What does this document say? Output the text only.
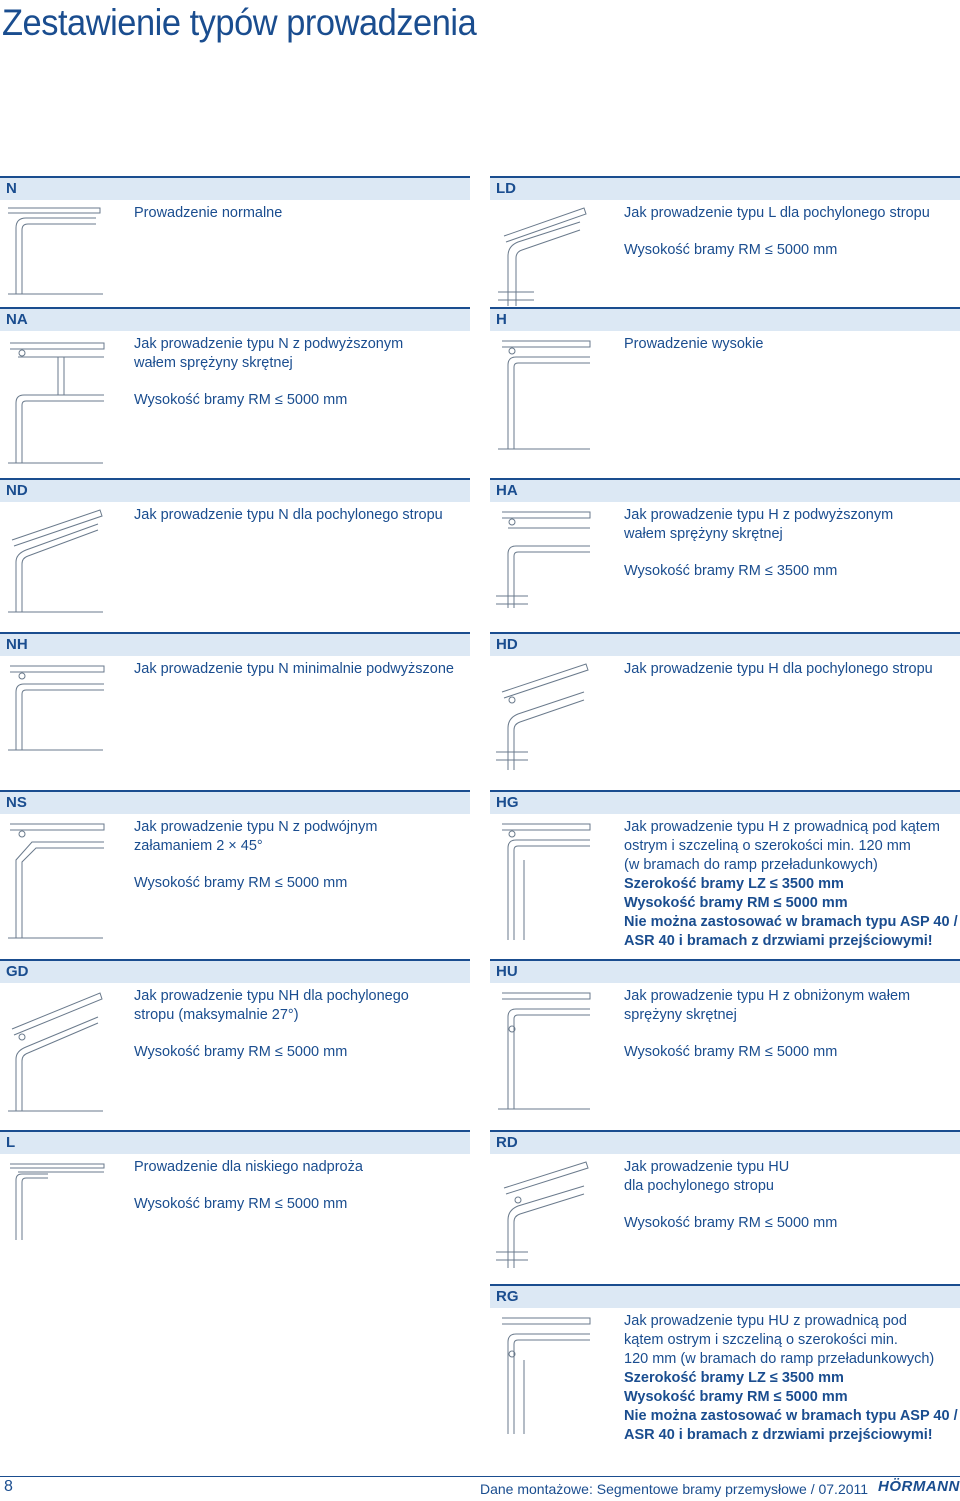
Zestawienie typów prowadzenia
N

Prowadzenie normalne

LD

Jak prowadzenie typu L dla pochylonego stropu

Wysokość bramy RM ≤ 5000 mm

NA

Jak prowadzenie typu N z podwyższonym

wałem sprężyny skrętnej

Wysokość bramy RM ≤ 5000 mm

H

Prowadzenie wysokie

ND

Jak prowadzenie typu N dla pochylonego stropu

HA

Jak prowadzenie typu H z podwyższonym

wałem sprężyny skrętnej

Wysokość bramy RM ≤ 3500 mm

NH

Jak prowadzenie typu N minimalnie podwyższone

HD

Jak prowadzenie typu H dla pochylonego stropu

NS

Jak prowadzenie typu N z podwójnym

załamaniem 2 × 45°

Wysokość bramy RM ≤ 5000 mm

HG

Jak prowadzenie typu H z prowadnicą pod kątem

ostrym i szczeliną o szerokości min. 120 mm

(w bramach do ramp przeładunkowych)

Szerokość bramy LZ ≤ 3500 mm

Wysokość bramy RM ≤ 5000 mm

Nie można zastosować w bramach typu ASP 40 /

ASR 40 i bramach z drzwiami przejściowymi!

GD

Jak prowadzenie typu NH dla pochylonego

stropu (maksymalnie 27°)

Wysokość bramy RM ≤ 5000 mm

HU

Jak prowadzenie typu H z obniżonym wałem

sprężyny skrętnej

Wysokość bramy RM ≤ 5000 mm

L

Prowadzenie dla niskiego nadproża

Wysokość bramy RM ≤ 5000 mm

RD

Jak prowadzenie typu HU

dla pochylonego stropu

Wysokość bramy RM ≤ 5000 mm

RG

Jak prowadzenie typu HU z prowadnicą pod

kątem ostrym i szczeliną o szerokości min.

120 mm (w bramach do ramp przeładunkowych)

Szerokość bramy LZ ≤ 3500 mm

Wysokość bramy RM ≤ 5000 mm

Nie można zastosować w bramach typu ASP 40 /

ASR 40 i bramach z drzwiami przejściowymi!

8	Dane montażowe: Segmentowe bramy przemysłowe / 07.2011 HÖRMANN
